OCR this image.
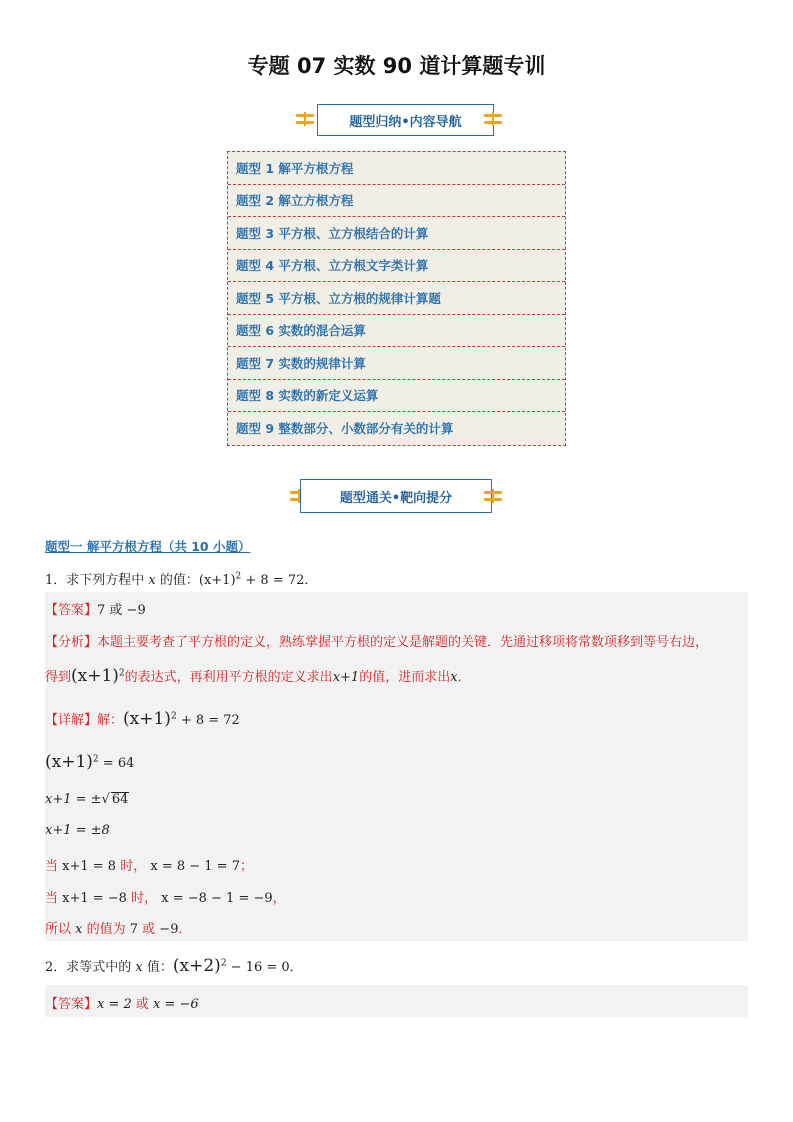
专题 07 实数 90 道计算题专训
题型归纳•内容导航
题型 1 解平方根方程
题型 2 解立方根方程
题型 3 平方根、立方根结合的计算
题型 4 平方根、立方根文字类计算
题型 5 平方根、立方根的规律计算题
题型 6 实数的混合运算
题型 7 实数的规律计算
题型 8 实数的新定义运算
题型 9 整数部分、小数部分有关的计算
题型通关•靶向提分
题型一 解平方根方程（共 10 小题）
1．求下列方程中 x 的值：$(x+1)^2 + 8 = 72$．
【答案】7 或 −9
【分析】本题主要考查了平方根的定义，熟练掌握平方根的定义是解题的关键．先通过移项将常数项移到等号右边，
得到$(x+1)^2$的表达式，再利用平方根的定义求出x+1的值，进而求出x．
【详解】解：$(x+1)^2 + 8 = 72$
$(x+1)^2 = 64$
x+1 = ±√ 64
x+1 = ±8
当 x+1 = 8 时， x = 8 − 1 = 7；
当 x+1 = −8 时， x = −8 − 1 = −9，
所以 x 的值为 7 或 −9．
2．求等式中的 x 值：$(x+2)^2 - 16 = 0$．
【答案】x = 2 或 x = −6
